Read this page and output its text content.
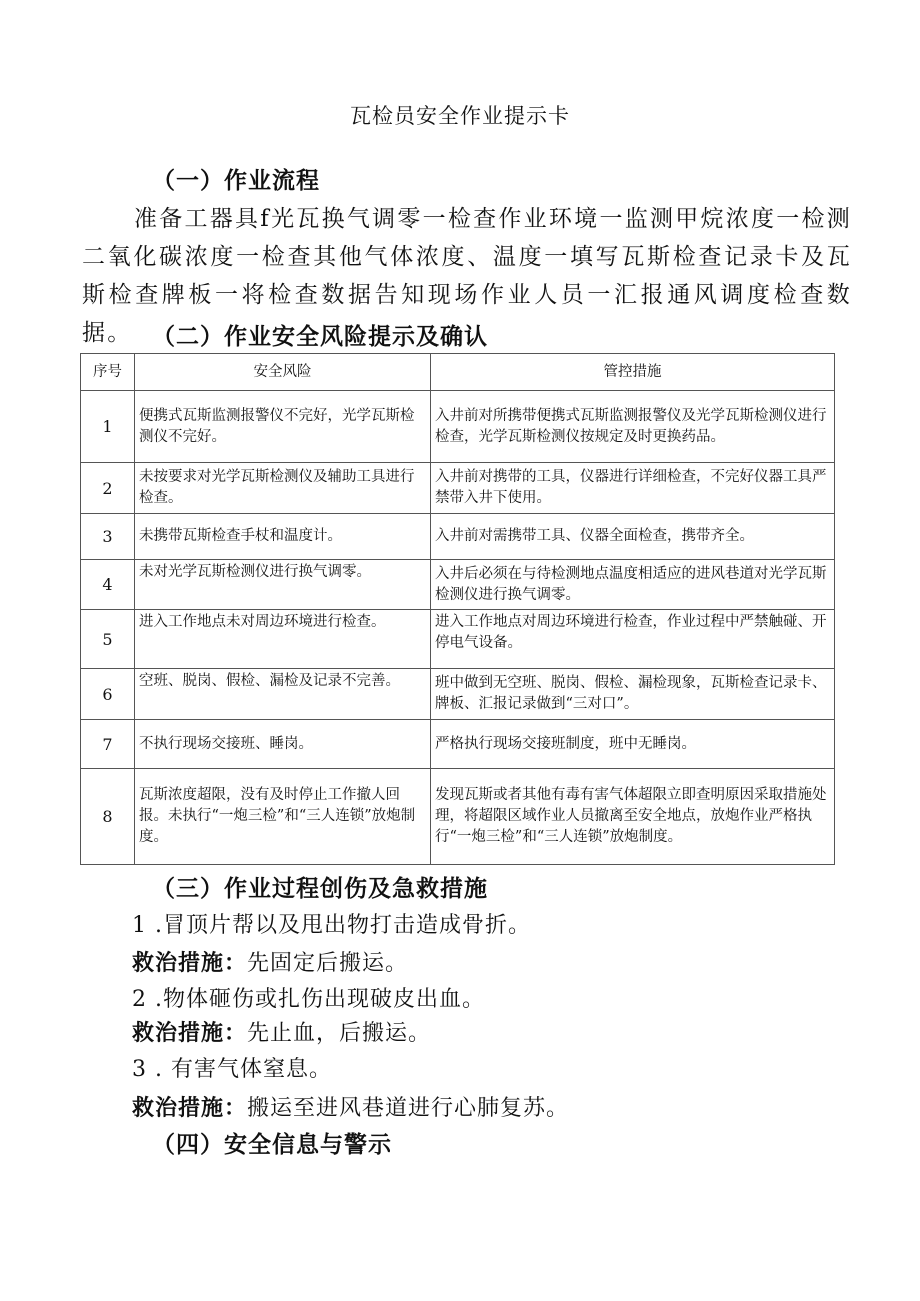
瓦检员安全作业提示卡
（一）作业流程
准备工器具f光瓦换气调零一检查作业环境一监测甲烷浓度一检测二氧化碳浓度一检查其他气体浓度、温度一填写瓦斯检查记录卡及瓦斯检查牌板一将检查数据告知现场作业人员一汇报通风调度检查数据。 （二）作业安全风险提示及确认
序号	安全风险	管控措施
1	便携式瓦斯监测报警仪不完好，光学瓦斯检测仪不完好。	入井前对所携带便携式瓦斯监测报警仪及光学瓦斯检测仪进行检查，光学瓦斯检测仪按规定及时更换药品。
2	未按要求对光学瓦斯检测仪及辅助工具进行检查。	入井前对携带的工具，仪器进行详细检查，不完好仪器工具严禁带入井下使用。
3	未携带瓦斯检查手杖和温度计。	入井前对需携带工具、仪器全面检查，携带齐全。
4	未对光学瓦斯检测仪进行换气调零。	入井后必须在与待检测地点温度相适应的进风巷道对光学瓦斯检测仪进行换气调零。
5	进入工作地点未对周边环境进行检查。	进入工作地点对周边环境进行检查，作业过程中严禁触碰、开停电气设备。
6	空班、脱岗、假检、漏检及记录不完善。	班中做到无空班、脱岗、假检、漏检现象，瓦斯检查记录卡、牌板、汇报记录做到“三对口”。
7	不执行现场交接班、睡岗。	严格执行现场交接班制度，班中无睡岗。
8	瓦斯浓度超限，没有及时停止工作撤人回报。未执行“一炮三检”和“三人连锁”放炮制度。	发现瓦斯或者其他有毒有害气体超限立即查明原因采取措施处理，将超限区域作业人员撤离至安全地点，放炮作业严格执行“一炮三检”和“三人连锁”放炮制度。
（三）作业过程创伤及急救措施
1 .冒顶片帮以及甩出物打击造成骨折。
救治措施：先固定后搬运。
2 .物体砸伤或扎伤出现破皮出血。
救治措施：先止血，后搬运。
3 . 有害气体窒息。
救治措施：搬运至进风巷道进行心肺复苏。
（四）安全信息与警示
